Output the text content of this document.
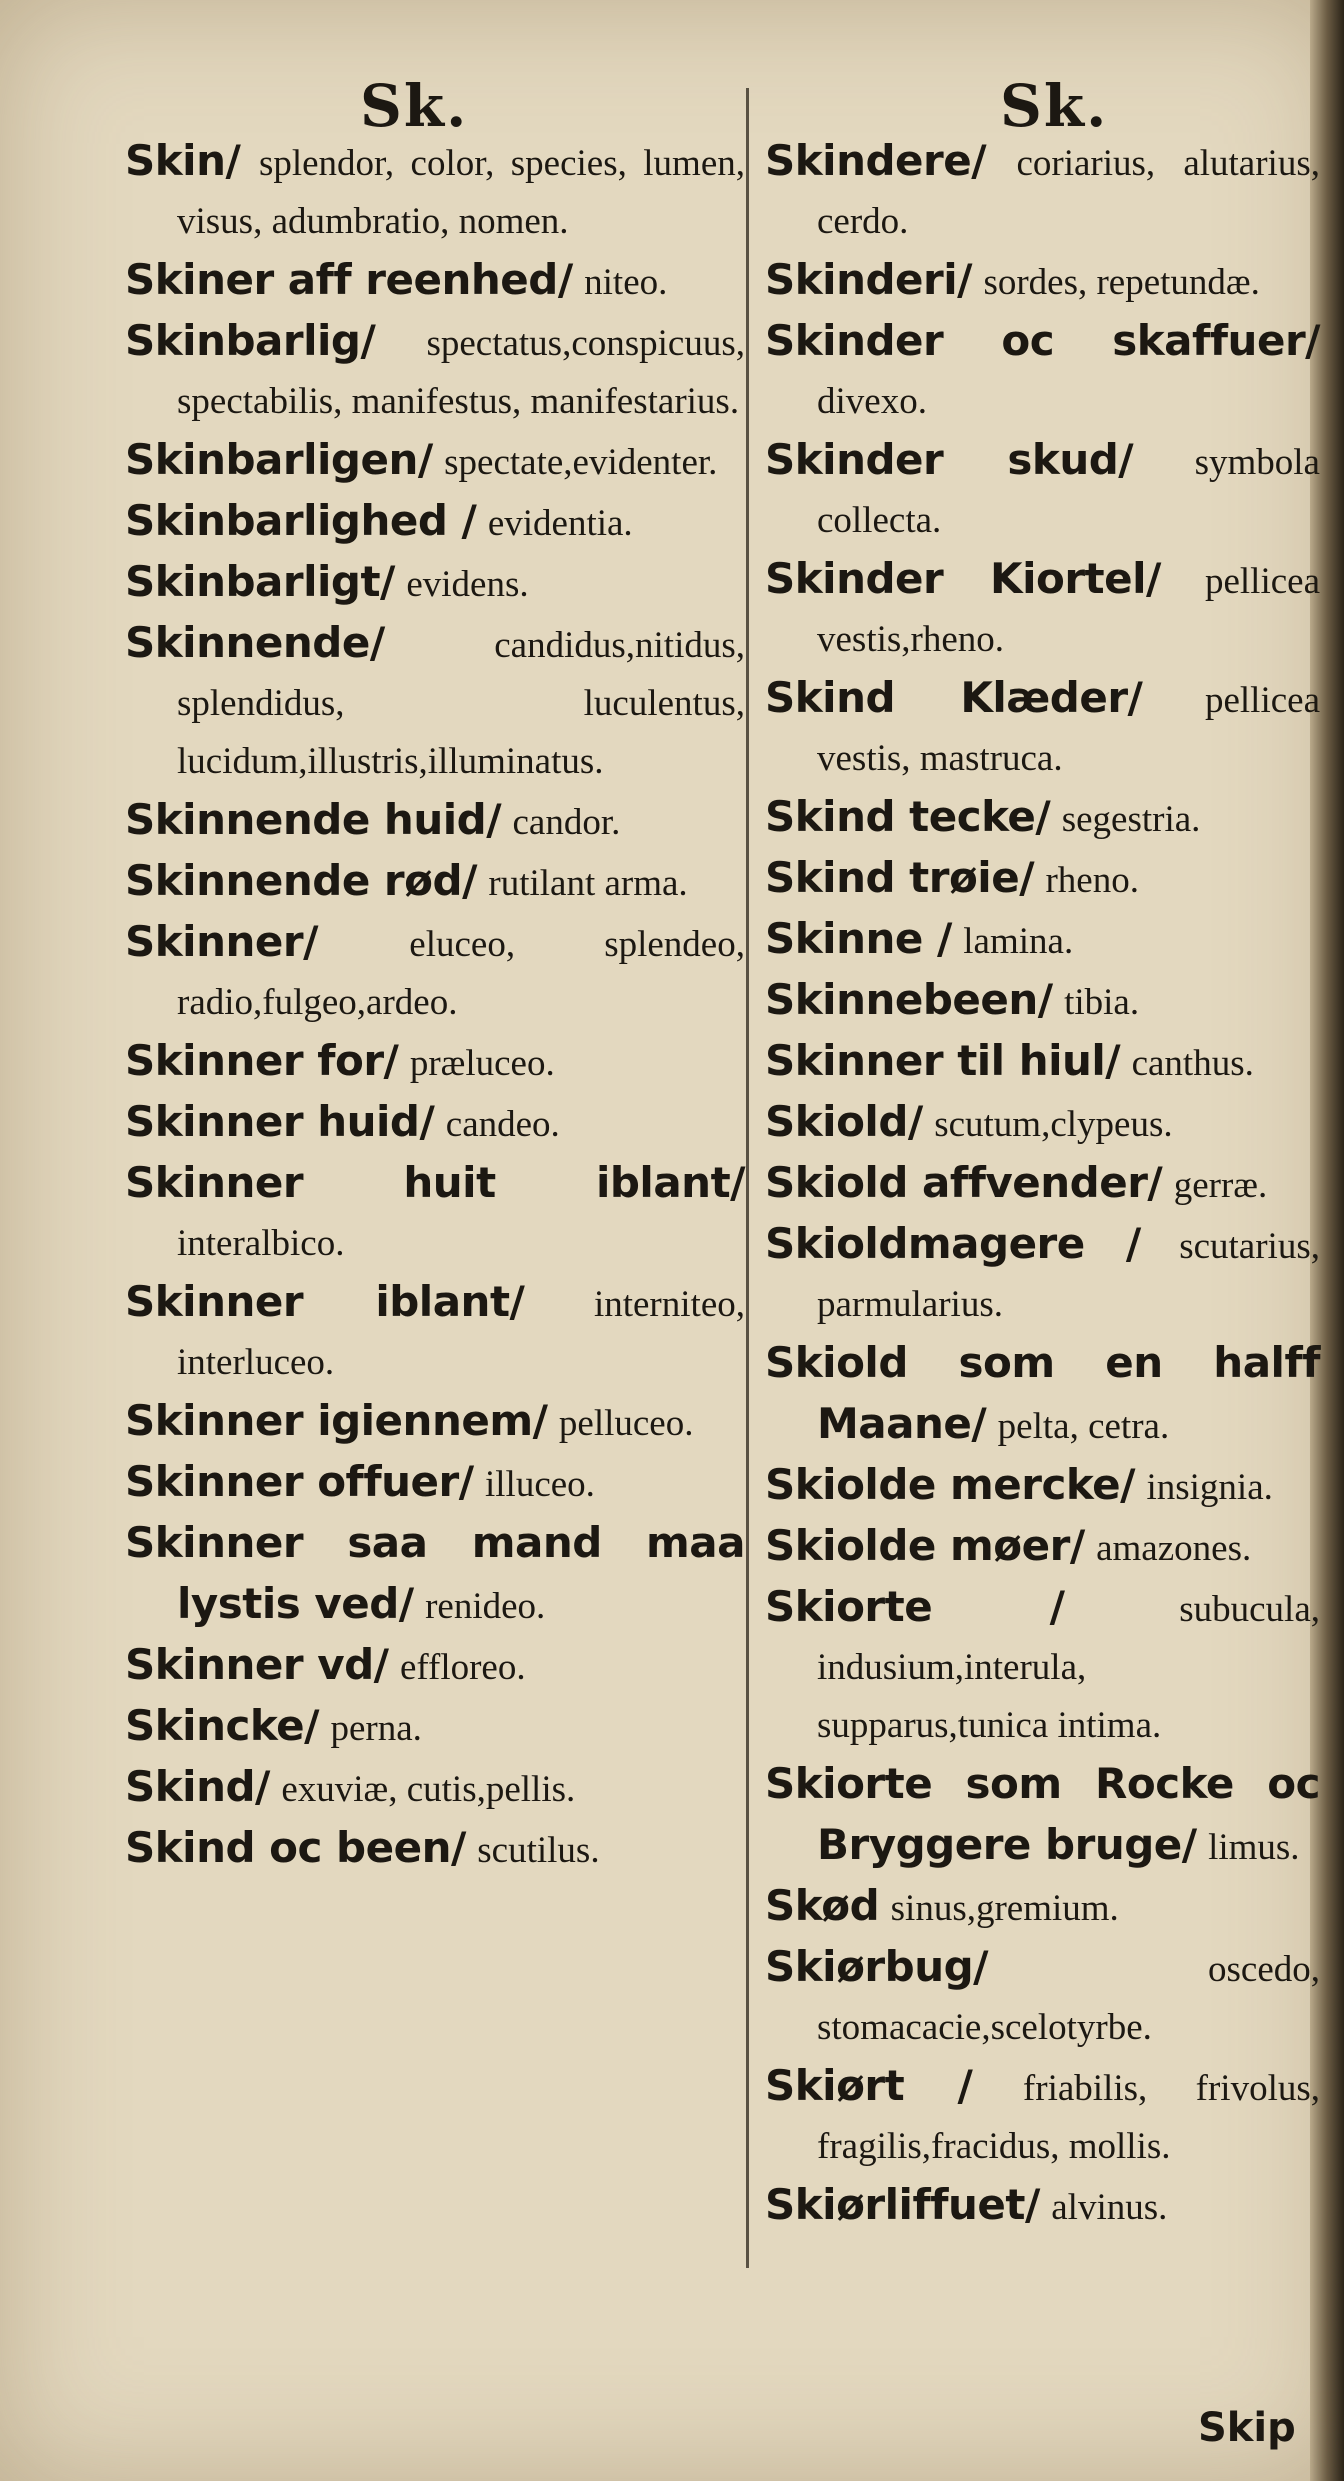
Sk.	Sk.
Skin/ splendor, color, species, lumen, visus, adumbratio, nomen.
Skiner aff reenhed/ niteo.
Skinbarlig/ spectatus,conspicuus, spectabilis, manifestus, manifestarius.
Skinbarligen/ spectate,evidenter.
Skinbarlighed / evidentia.
Skinbarligt/ evidens.
Skinnende/	candidus,nitidus, splendidus, luculentus, lucidum,illustris,illuminatus.
Skinnende huid/ candor.
Skinnende rød/ rutilant arma.
Skinner/ eluceo, splendeo, radio,fulgeo,ardeo.
Skinner for/ præluceo.
Skinner huid/ candeo.
Skinner huit iblant/ interalbico.
Skinner iblant/ interniteo, interluceo.
Skinner igiennem/ pelluceo.
Skinner offuer/ illuceo.
Skinner saa mand maa lystis ved/ renideo.
Skinner vd/ effloreo.
Skincke/ perna.
Skind/ exuviæ, cutis,pellis.
Skind oc been/ scutilus.
Skindere/ coriarius, alutarius, cerdo.
Skinderi/ sordes, repetundæ.
Skinder oc skaffuer/ divexo.
Skinder skud/ symbola collecta.
Skinder Kiortel/ pellicea vestis,rheno.
Skind Klæder/ pellicea vestis, mastruca.
Skind tecke/ segestria.
Skind trøie/ rheno.
Skinne / lamina.
Skinnebeen/ tibia.
Skinner til hiul/ canthus.
Skiold/ scutum,clypeus.
Skiold affvender/ gerræ.
Skioldmagere / scutarius, parmularius.
Skiold som en halff Maane/ pelta, cetra.
Skiolde mercke/ insignia.
Skiolde møer/ amazones.
Skiorte /	subucula, indusium,interula, supparus,tunica intima.
Skiorte som Rocke oc Bryggere bruge/ limus.
Skød sinus,gremium.
Skiørbug/	oscedo, stomacacie,scelotyrbe.
Skiørt / friabilis, frivolus, fragilis,fracidus, mollis.
Skiørliffuet/ alvinus.
Skip
